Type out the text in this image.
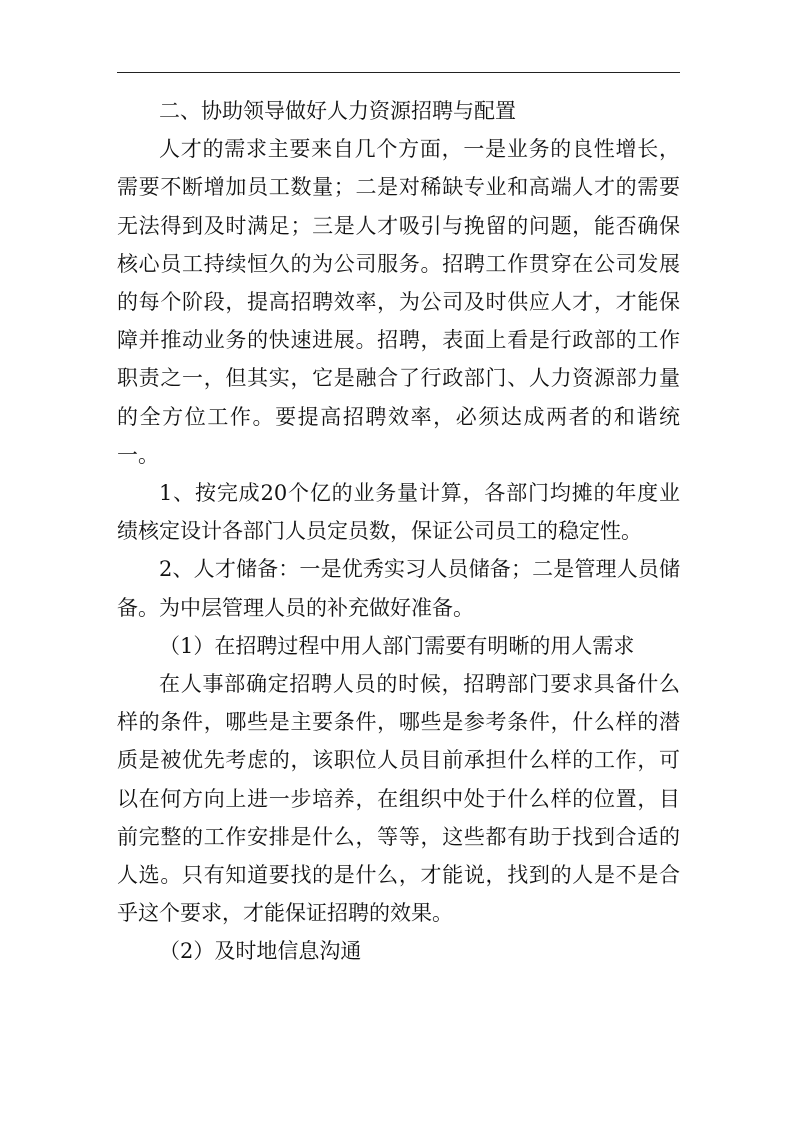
二、协助领导做好人力资源招聘与配置

人才的需求主要来自几个方面，一是业务的良性增长，需要不断增加员工数量；二是对稀缺专业和高端人才的需要无法得到及时满足；三是人才吸引与挽留的问题，能否确保核心员工持续恒久的为公司服务。招聘工作贯穿在公司发展的每个阶段，提高招聘效率，为公司及时供应人才，才能保障并推动业务的快速进展。招聘，表面上看是行政部的工作职责之一，但其实，它是融合了行政部门、人力资源部力量的全方位工作。要提高招聘效率，必须达成两者的和谐统一。

1、按完成20个亿的业务量计算，各部门均摊的年度业绩核定设计各部门人员定员数，保证公司员工的稳定性。

2、人才储备：一是优秀实习人员储备；二是管理人员储备。为中层管理人员的补充做好准备。

（1）在招聘过程中用人部门需要有明晰的用人需求

在人事部确定招聘人员的时候，招聘部门要求具备什么样的条件，哪些是主要条件，哪些是参考条件，什么样的潜质是被优先考虑的，该职位人员目前承担什么样的工作，可以在何方向上进一步培养，在组织中处于什么样的位置，目前完整的工作安排是什么，等等，这些都有助于找到合适的人选。只有知道要找的是什么，才能说，找到的人是不是合乎这个要求，才能保证招聘的效果。

（2）及时地信息沟通
